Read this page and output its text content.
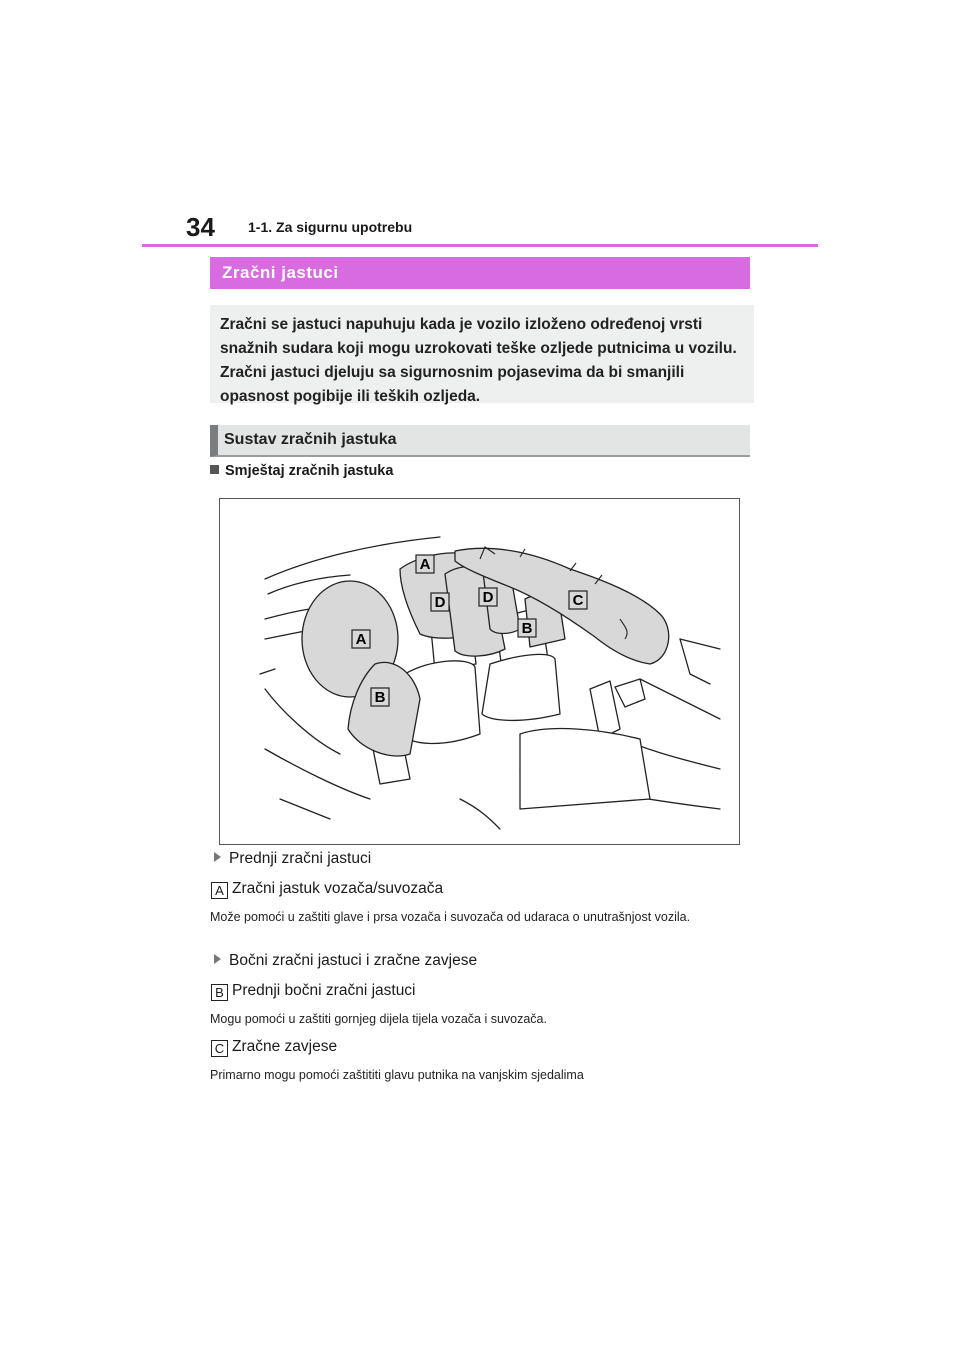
34 1-1. Za sigurnu upotrebu
Zračni jastuci
Zračni se jastuci napuhuju kada je vozilo izloženo određenoj vrsti snažnih sudara koji mogu uzrokovati teške ozljede putnicima u vozilu. Zračni jastuci djeluju sa sigurnosnim pojasevima da bi smanjili opasnost pogibije ili teških ozljeda.
Sustav zračnih jastuka
Smještaj zračnih jastuka
A
D D	C
A
B
B
Prednji zračni jastuci
A Zračni jastuk vozača/suvozača
Može pomoći u zaštiti glave i prsa vozača i suvozača od udaraca o unutrašnjost vozila.
Bočni zračni jastuci i zračne zavjese
B Prednji bočni zračni jastuci
Mogu pomoći u zaštiti gornjeg dijela tijela vozača i suvozača.
C Zračne zavjese
Primarno mogu pomoći zaštititi glavu putnika na vanjskim sjedalima
